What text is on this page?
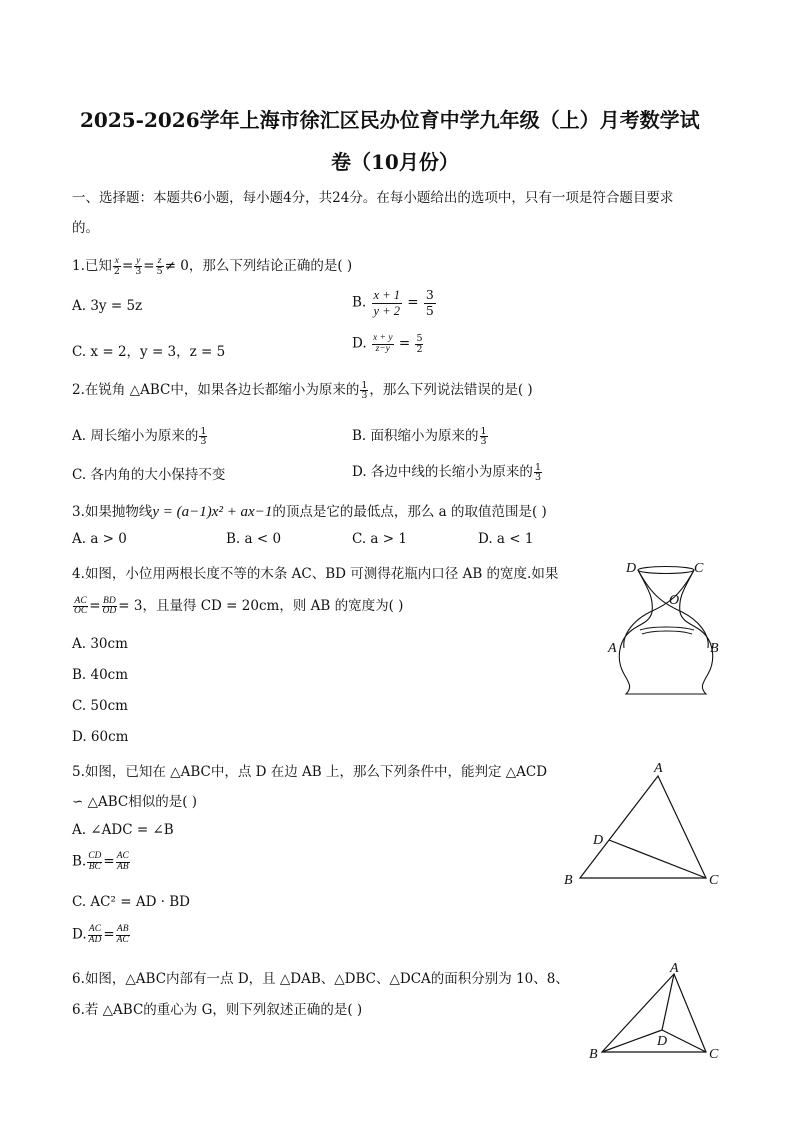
2025-2026学年上海市徐汇区民办位育中学九年级（上）月考数学试
卷（10月份）
一、选择题：本题共6小题，每小题4分，共24分。在每小题给出的选项中，只有一项是符合题目要求
的。
1.已知 $\frac{x}{2} = \frac{y}{3} = \frac{z}{5} \ne 0$，那么下列结论正确的是( )
A. 3y = 5z	B. $\frac{x + 1}{y + 2} = \frac{3}{5}$
C. x = 2，y = 3，z = 5
D. $\frac{x + y}{z-y} = \frac{5}{2}$
2.在锐角 △ABC中，如果各边长都缩小为原来的 $\frac{1}{3}$ ，那么下列说法错误的是( )
A. 周长缩小为原来的 $\frac{1}{3}$	B. 面积缩小为原来的 $\frac{1}{3}$
C. 各内角的大小保持不变	D. 各边中线的长缩小为原来的 $\frac{1}{3}$
3.如果抛物线y = (a−1)x² + ax−1的顶点是它的最低点，那么 a 的取值范围是( )
A. a > 0	B. a < 0	C. a > 1	D. a < 1
4.如图，小位用两根长度不等的木条 AC、BD 可测得花瓶内口径 AB 的宽度.如果
$\frac{AC}{OC} = \frac{BD}{OD} = 3$，且量得 CD = 20cm，则 AB 的宽度为( )
A. 30cm
B. 40cm
C. 50cm
D. 60cm
D	C
O
A	B
5.如图，已知在 △ABC中，点 D 在边 AB 上，那么下列条件中，能判定 △ACD
∽ △ABC相似的是( )
A. ∠ADC = ∠B
B. $\frac{CD}{BC} = \frac{AC}{AB}$
C. AC² = AD · BD
D. $\frac{AC}{AD} = \frac{AB}{AC}$
A
D
B	C
6.如图，△ABC内部有一点 D，且 △DAB、△DBC、△DCA的面积分别为 10、8、
6.若 △ABC的重心为 G，则下列叙述正确的是( )
A
D
B	C
